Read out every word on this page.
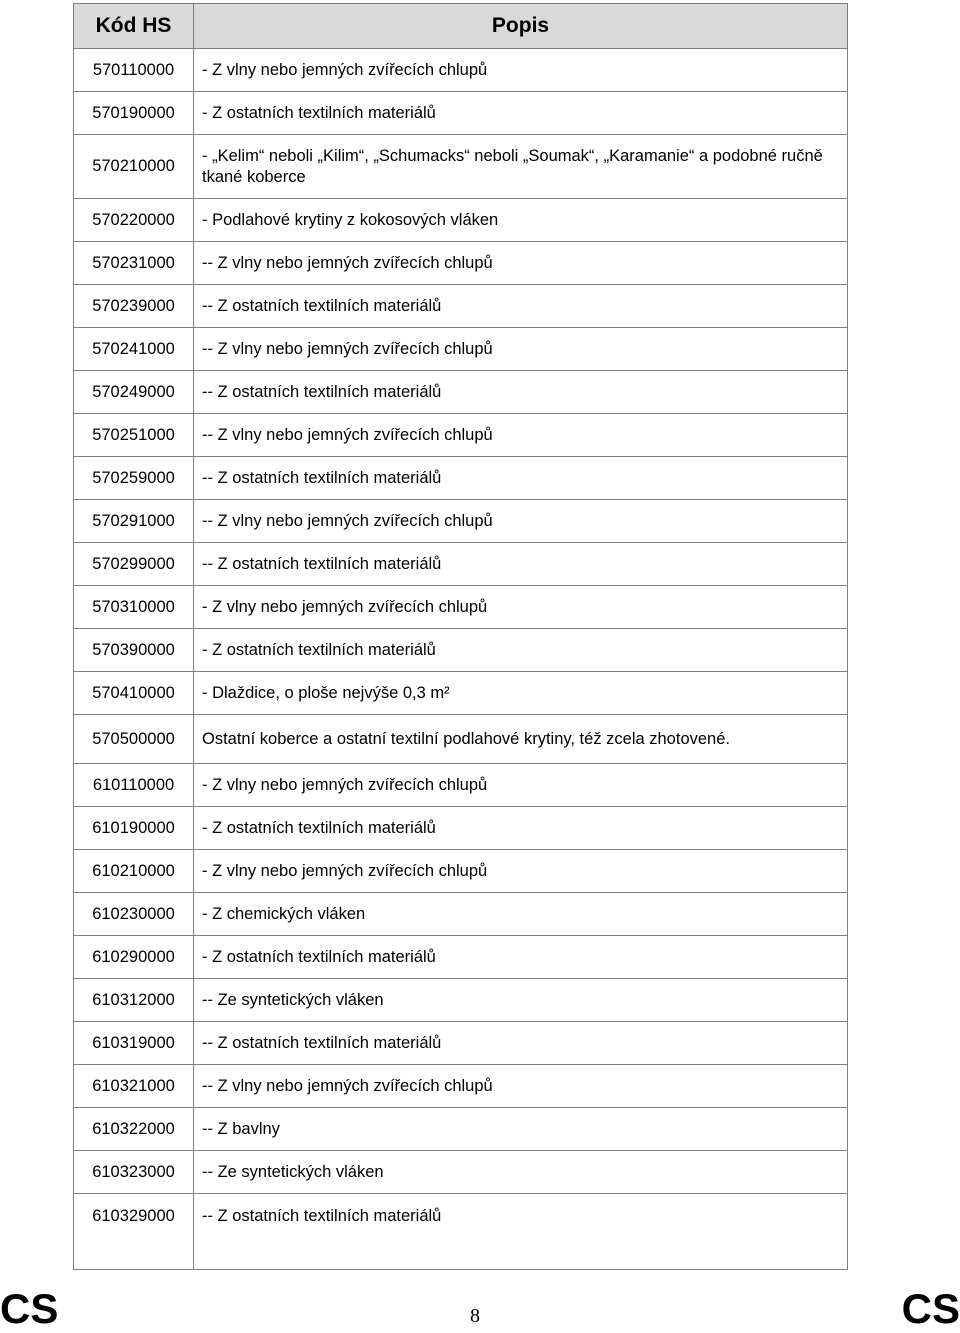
Kód HS	Popis
570110000	- Z vlny nebo jemných zvířecích chlupů
570190000	- Z ostatních textilních materiálů
570210000	- „Kelim“ neboli „Kilim“, „Schumacks“ neboli „Soumak“, „Karamanie“ a podobné ručně tkané koberce
570220000	- Podlahové krytiny z kokosových vláken
570231000	-- Z vlny nebo jemných zvířecích chlupů
570239000	-- Z ostatních textilních materiálů
570241000	-- Z vlny nebo jemných zvířecích chlupů
570249000	-- Z ostatních textilních materiálů
570251000	-- Z vlny nebo jemných zvířecích chlupů
570259000	-- Z ostatních textilních materiálů
570291000	-- Z vlny nebo jemných zvířecích chlupů
570299000	-- Z ostatních textilních materiálů
570310000	- Z vlny nebo jemných zvířecích chlupů
570390000	- Z ostatních textilních materiálů
570410000	- Dlaždice, o ploše nejvýše 0,3 m²
570500000	Ostatní koberce a ostatní textilní podlahové krytiny, též zcela zhotovené.
610110000	- Z vlny nebo jemných zvířecích chlupů
610190000	- Z ostatních textilních materiálů
610210000	- Z vlny nebo jemných zvířecích chlupů
610230000	- Z chemických vláken
610290000	- Z ostatních textilních materiálů
610312000	-- Ze syntetických vláken
610319000	-- Z ostatních textilních materiálů
610321000	-- Z vlny nebo jemných zvířecích chlupů
610322000	-- Z bavlny
610323000	-- Ze syntetických vláken
610329000	-- Z ostatních textilních materiálů
CS	8	CS
